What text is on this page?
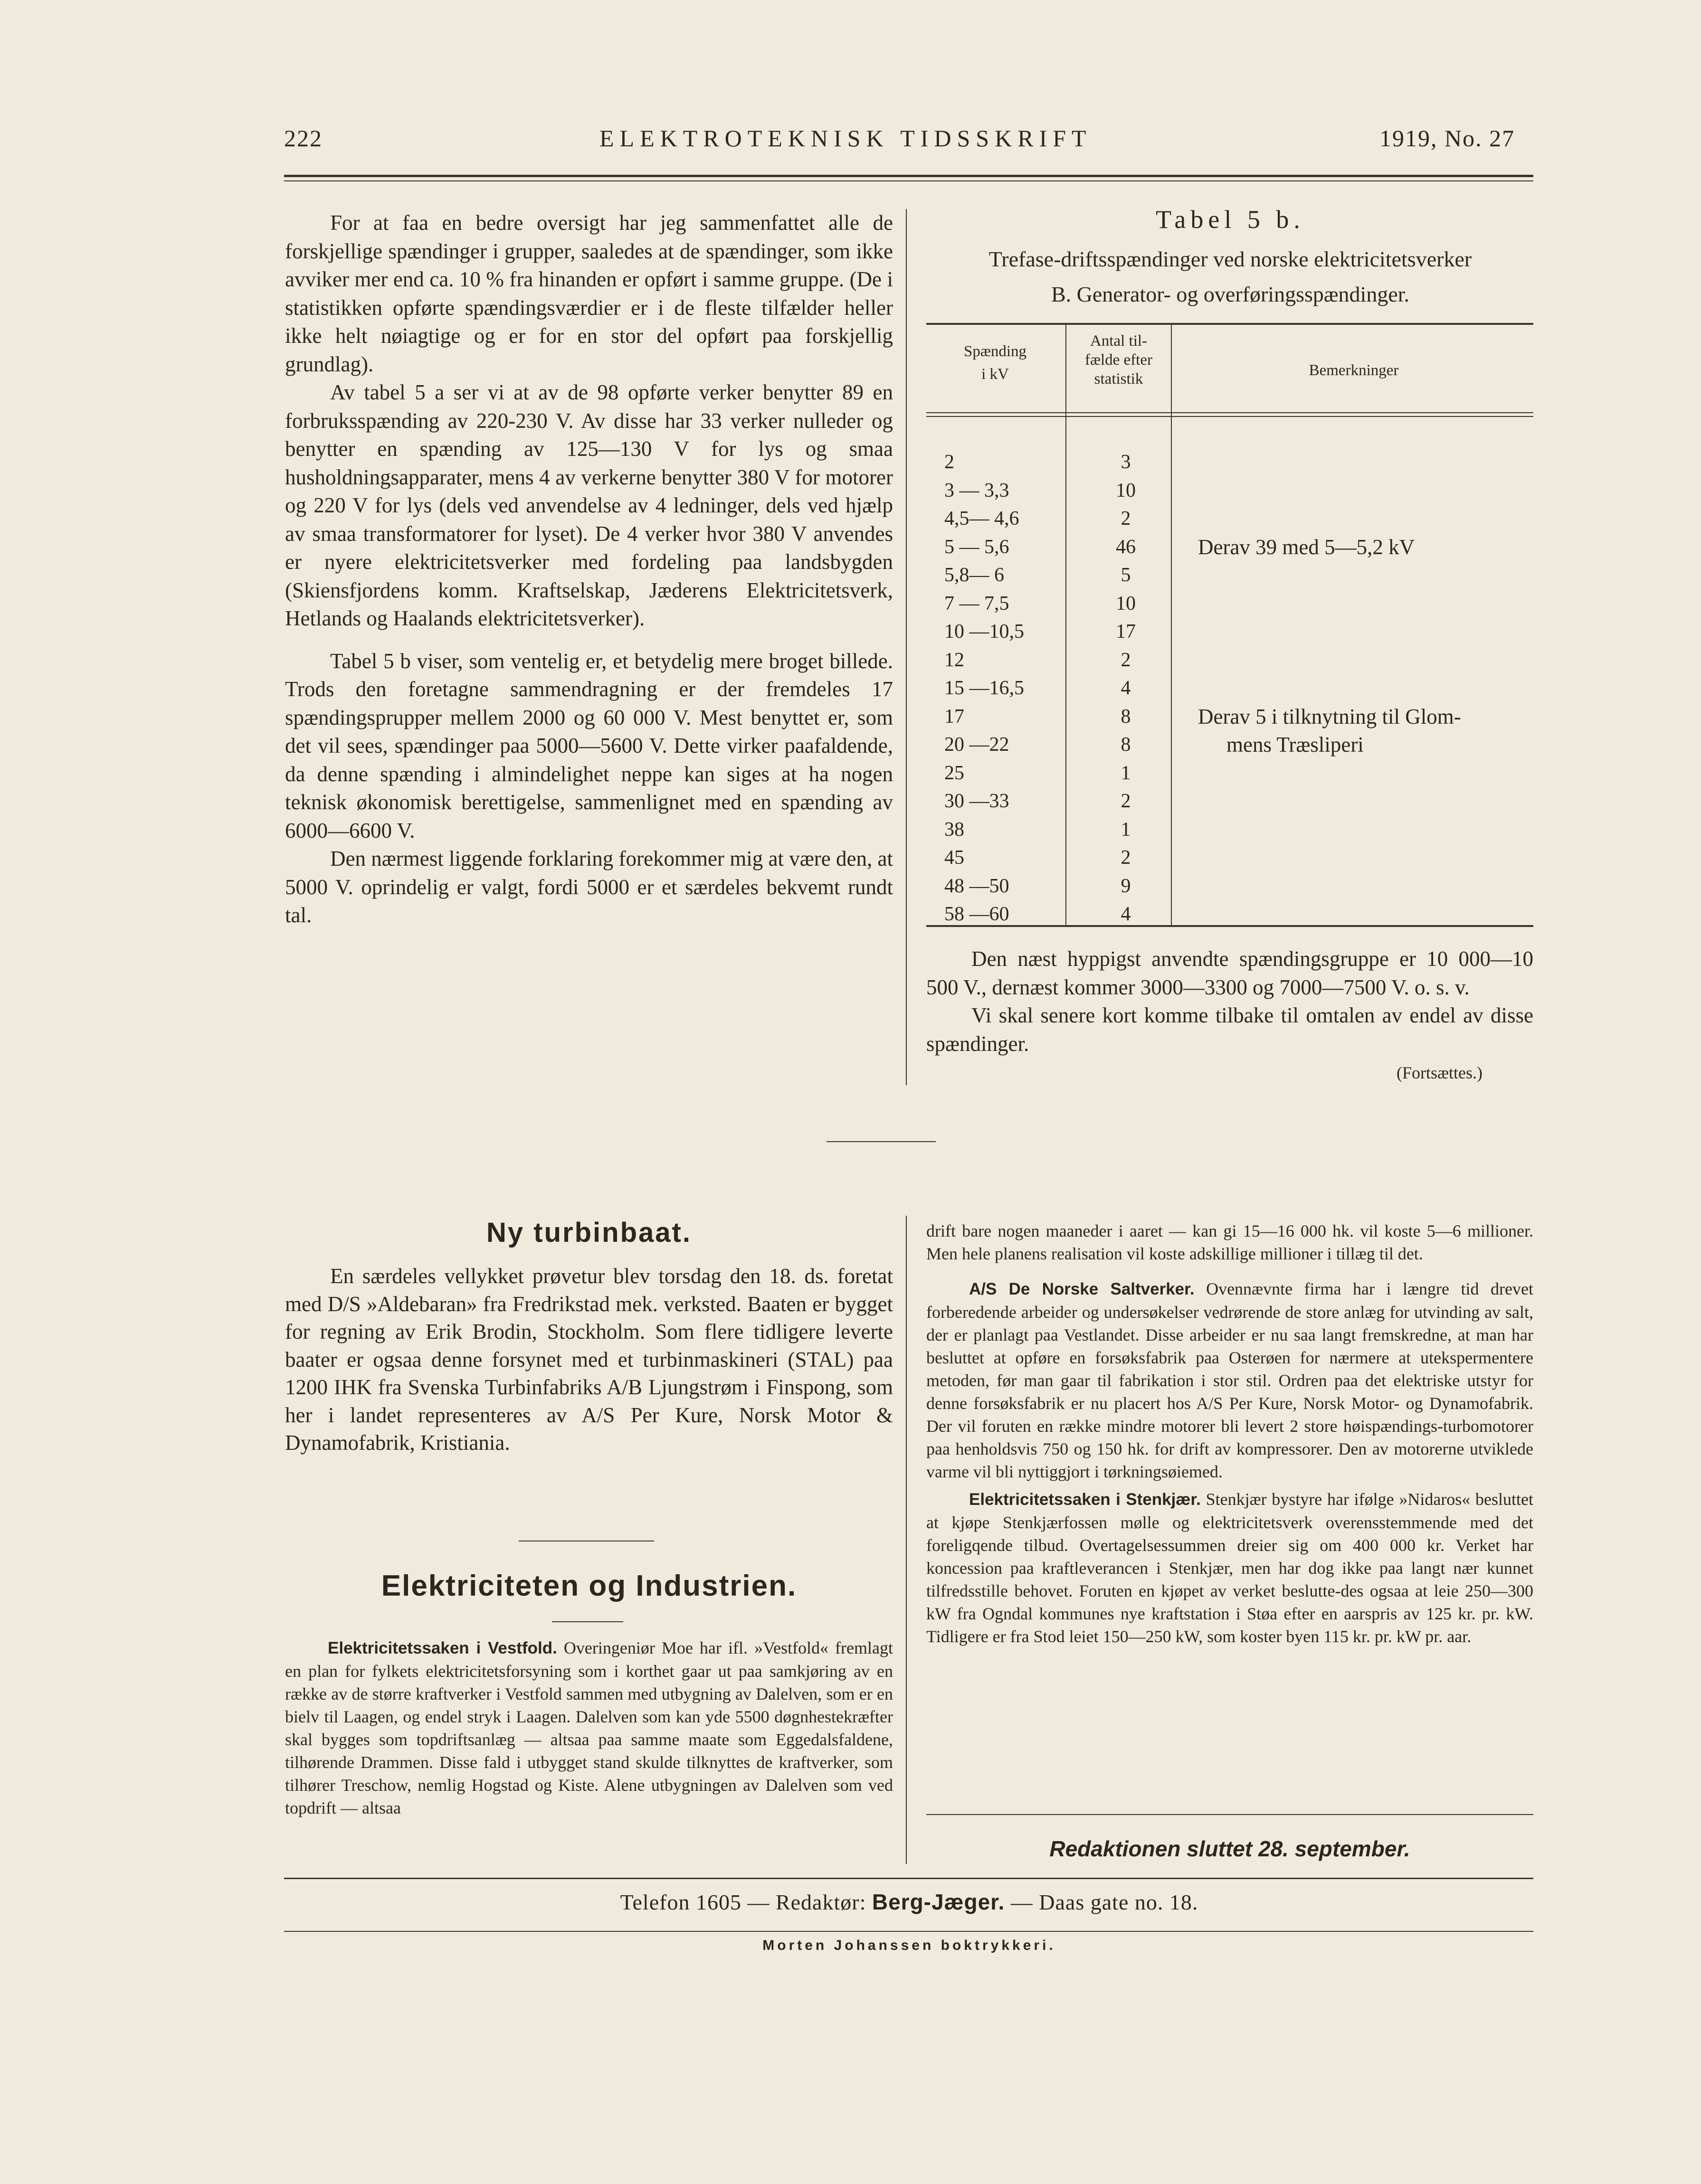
222	ELEKTROTEKNISK TIDSSKRIFT	1919, No. 27

For at faa en bedre oversigt har jeg sammenfattet alle de forskjellige spændinger i grupper, saaledes at de spændinger, som ikke avviker mer end ca. 10 % fra hinanden er opført i samme gruppe. (De i statistikken opførte spændingsværdier er i de fleste tilfælder heller ikke helt nøiagtige og er for en stor del opført paa forskjellig grundlag).

Av tabel 5 a ser vi at av de 98 opførte verker benytter 89 en forbruksspænding av 220-230 V. Av disse har 33 verker nulleder og benytter en spænding av 125—130 V for lys og smaa husholdningsapparater, mens 4 av verkerne benytter 380 V for motorer og 220 V for lys (dels ved anvendelse av 4 ledninger, dels ved hjælp av smaa transformatorer for lyset). De 4 verker hvor 380 V anvendes er nyere elektricitetsverker med fordeling paa landsbygden (Skiensfjordens komm. Kraftselskap, Jæderens Elektricitetsverk, Hetlands og Haalands elektricitetsverker).

Tabel 5 b viser, som ventelig er, et betydelig mere broget billede. Trods den foretagne sammendragning er der fremdeles 17 spændingsprupper mellem 2000 og 60 000 V. Mest benyttet er, som det vil sees, spændinger paa 5000—5600 V. Dette virker paafaldende, da denne spænding i almindelighet neppe kan siges at ha nogen teknisk økonomisk berettigelse, sammenlignet med en spænding av 6000—6600 V.

Den nærmest liggende forklaring forekommer mig at være den, at 5000 V. oprindelig er valgt, fordi 5000 er et særdeles bekvemt rundt tal.

Tabel 5 b.
Trefase-driftsspændinger ved norske elektricitetsverker
B. Generator- og overføringsspændinger.
Spænding
i kV
Antal til-
fælde efter
statistik	Bemerkninger
2	3
3 — 3,3	10
4,5— 4,6	2
5 — 5,6	46	Derav 39 med 5—5,2 kV
5,8— 6	5
7 — 7,5	10
10 —10,5	17
12	2
15 —16,5	4
17	8	Derav 5 i tilknytning til Glom-
20 —22	8	mens Træsliperi
25	1
30 —33	2
38	1
45	2
48 —50	9
58 —60	4

Den næst hyppigst anvendte spændingsgruppe er 10 000—10 500 V., dernæst kommer 3000—3300 og 7000—7500 V. o. s. v.

Vi skal senere kort komme tilbake til omtalen av endel av disse spændinger.

(Fortsættes.)
Ny turbinbaat.

En særdeles vellykket prøvetur blev torsdag den 18. ds. foretat med D/S »Aldebaran» fra Fredrikstad mek. verksted. Baaten er bygget for regning av Erik Brodin, Stockholm. Som flere tidligere leverte baater er ogsaa denne forsynet med et turbinmaskineri (STAL) paa 1200 IHK fra Svenska Turbinfabriks A/B Ljungstrøm i Finspong, som her i landet representeres av A/S Per Kure, Norsk Motor & Dynamofabrik, Kristiania.

Elektriciteten og Industrien.

Elektricitetssaken i Vestfold. Overingeniør Moe har ifl. »Vestfold« fremlagt en plan for fylkets elektricitetsforsyning som i korthet gaar ut paa samkjøring av en række av de større kraftverker i Vestfold sammen med utbygning av Dalelven, som er en bielv til Laagen, og endel stryk i Laagen. Dalelven som kan yde 5500 døgnhestekræfter skal bygges som topdriftsanlæg — altsaa paa samme maate som Eggedalsfaldene, tilhørende Drammen. Disse fald i utbygget stand skulde tilknyttes de kraftverker, som tilhører Treschow, nemlig Hogstad og Kiste. Alene utbygningen av Dalelven som ved topdrift — altsaa

drift bare nogen maaneder i aaret — kan gi 15—16 000 hk. vil koste 5—6 millioner. Men hele planens realisation vil koste adskillige millioner i tillæg til det.

A/S De Norske Saltverker. Ovennævnte firma har i længre tid drevet forberedende arbeider og undersøkelser vedrørende de store anlæg for utvinding av salt, der er planlagt paa Vestlandet. Disse arbeider er nu saa langt fremskredne, at man har besluttet at opføre en forsøksfabrik paa Osterøen for nærmere at utekspermentere metoden, før man gaar til fabrikation i stor stil. Ordren paa det elektriske utstyr for denne forsøksfabrik er nu placert hos A/S Per Kure, Norsk Motor- og Dynamofabrik. Der vil foruten en række mindre motorer bli levert 2 store høispændings-turbomotorer paa henholdsvis 750 og 150 hk. for drift av kompressorer. Den av motorerne utviklede varme vil bli nyttiggjort i tørkningsøiemed.

Elektricitetssaken i Stenkjær. Stenkjær bystyre har ifølge »Nidaros« besluttet at kjøpe Stenkjærfossen mølle og elektricitetsverk overensstemmende med det foreligqende tilbud. Overtagelsessummen dreier sig om 400 000 kr. Verket har koncession paa kraftleverancen i Stenkjær, men har dog ikke paa langt nær kunnet tilfredsstille behovet. Foruten en kjøpet av verket beslutte-des ogsaa at leie 250—300 kW fra Ogndal kommunes nye kraftstation i Støa efter en aarspris av 125 kr. pr. kW. Tidligere er fra Stod leiet 150—250 kW, som koster byen 115 kr. pr. kW pr. aar.

Redaktionen sluttet 28. september.
Telefon 1605 — Redaktør: Berg-Jæger. — Daas gate no. 18.
Morten Johanssen boktrykkeri.
